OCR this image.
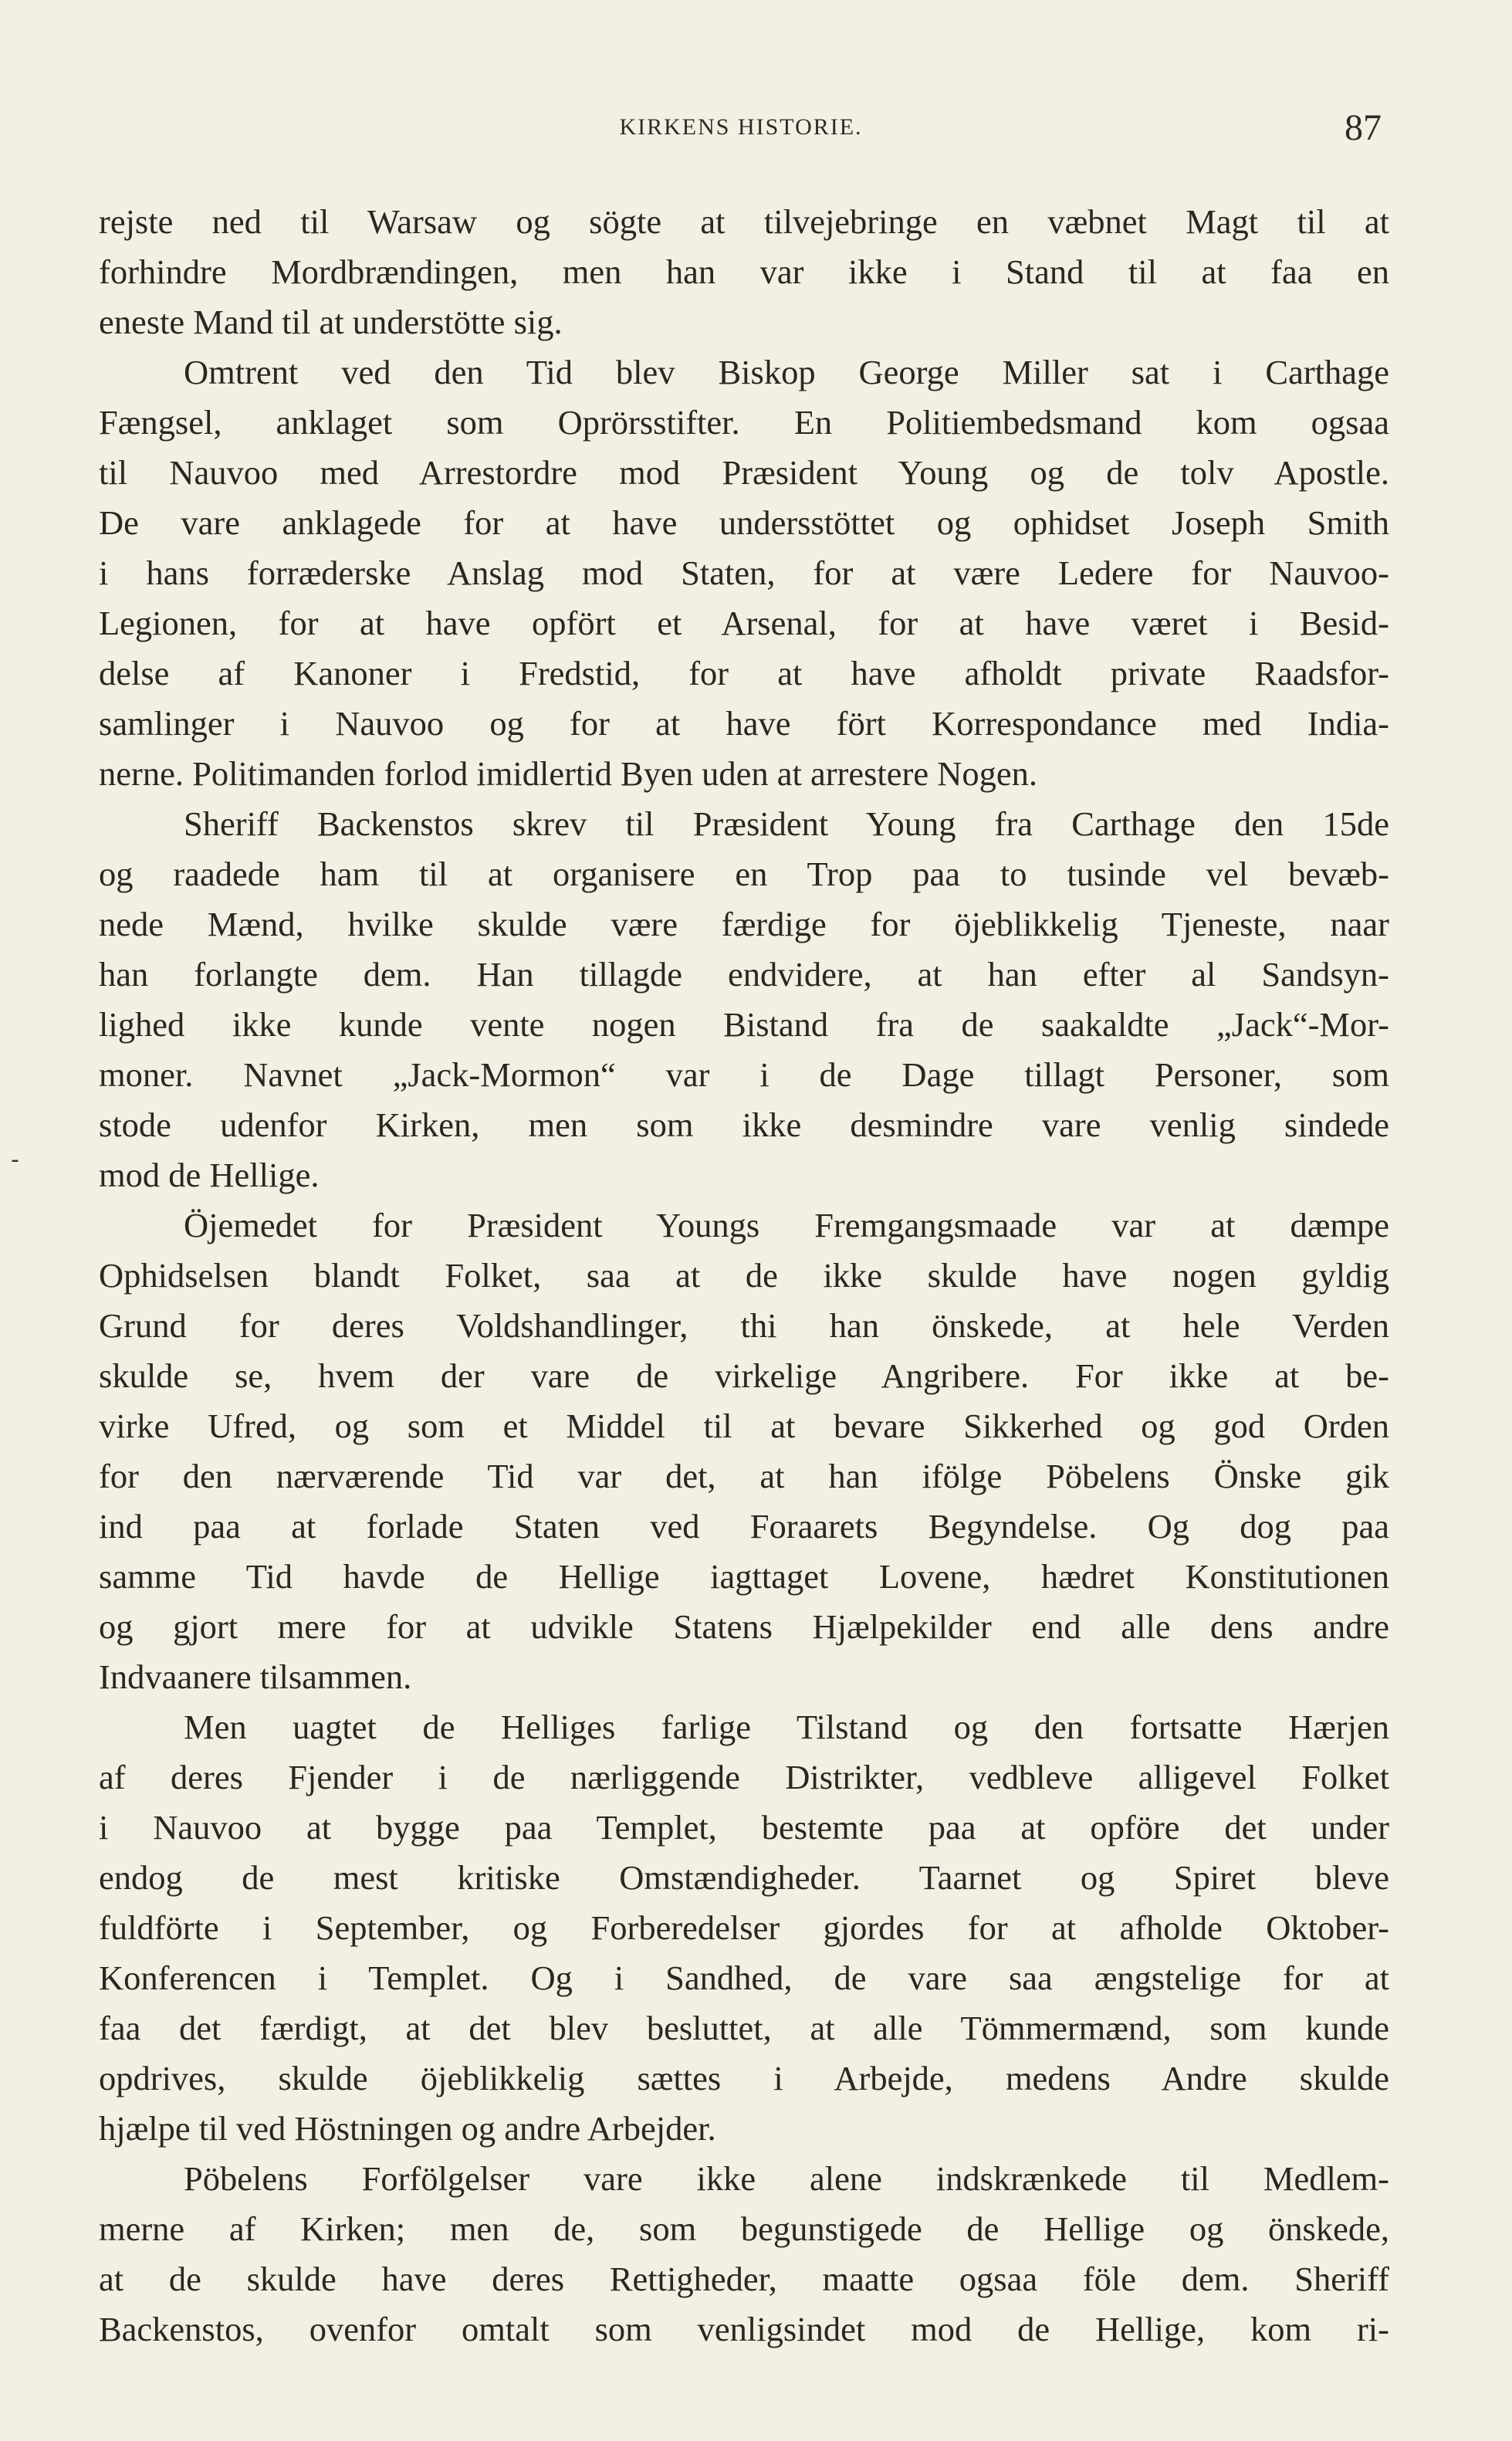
KIRKENS HISTORIE.	87
-
rejste ned til Warsaw og sögte at tilvejebringe en væbnet Magt til at
forhindre Mordbrændingen, men han var ikke i Stand til at faa en
eneste Mand til at understötte sig.
Omtrent ved den Tid blev Biskop George Miller sat i Carthage
Fængsel, anklaget som Oprörsstifter. En Politiembedsmand kom ogsaa
til Nauvoo med Arrestordre mod Præsident Young og de tolv Apostle.
De vare anklagede for at have undersstöttet og ophidset Joseph Smith
i hans forræderske Anslag mod Staten, for at være Ledere for Nauvoo-
Legionen, for at have opfört et Arsenal, for at have været i Besid-
delse af Kanoner i Fredstid, for at have afholdt private Raadsfor-
samlinger i Nauvoo og for at have fört Korrespondance med India-
nerne. Politimanden forlod imidlertid Byen uden at arrestere Nogen.
Sheriff Backenstos skrev til Præsident Young fra Carthage den 15de
og raadede ham til at organisere en Trop paa to tusinde vel bevæb-
nede Mænd, hvilke skulde være færdige for öjeblikkelig Tjeneste, naar
han forlangte dem. Han tillagde endvidere, at han efter al Sandsyn-
lighed ikke kunde vente nogen Bistand fra de saakaldte „Jack“-Mor-
moner. Navnet „Jack-Mormon“ var i de Dage tillagt Personer, som
stode udenfor Kirken, men som ikke desmindre vare venlig sindede
mod de Hellige.
Öjemedet for Præsident Youngs Fremgangsmaade var at dæmpe
Ophidselsen blandt Folket, saa at de ikke skulde have nogen gyldig
Grund for deres Voldshandlinger, thi han önskede, at hele Verden
skulde se, hvem der vare de virkelige Angribere. For ikke at be-
virke Ufred, og som et Middel til at bevare Sikkerhed og god Orden
for den nærværende Tid var det, at han ifölge Pöbelens Önske gik
ind paa at forlade Staten ved Foraarets Begyndelse. Og dog paa
samme Tid havde de Hellige iagttaget Lovene, hædret Konstitutionen
og gjort mere for at udvikle Statens Hjælpekilder end alle dens andre
Indvaanere tilsammen.
Men uagtet de Helliges farlige Tilstand og den fortsatte Hærjen
af deres Fjender i de nærliggende Distrikter, vedbleve alligevel Folket
i Nauvoo at bygge paa Templet, bestemte paa at opföre det under
endog de mest kritiske Omstændigheder. Taarnet og Spiret bleve
fuldförte i September, og Forberedelser gjordes for at afholde Oktober-
Konferencen i Templet. Og i Sandhed, de vare saa ængstelige for at
faa det færdigt, at det blev besluttet, at alle Tömmermænd, som kunde
opdrives, skulde öjeblikkelig sættes i Arbejde, medens Andre skulde
hjælpe til ved Höstningen og andre Arbejder.
Pöbelens Forfölgelser vare ikke alene indskrænkede til Medlem-
merne af Kirken; men de, som begunstigede de Hellige og önskede,
at de skulde have deres Rettigheder, maatte ogsaa föle dem. Sheriff
Backenstos, ovenfor omtalt som venligsindet mod de Hellige, kom ri-
